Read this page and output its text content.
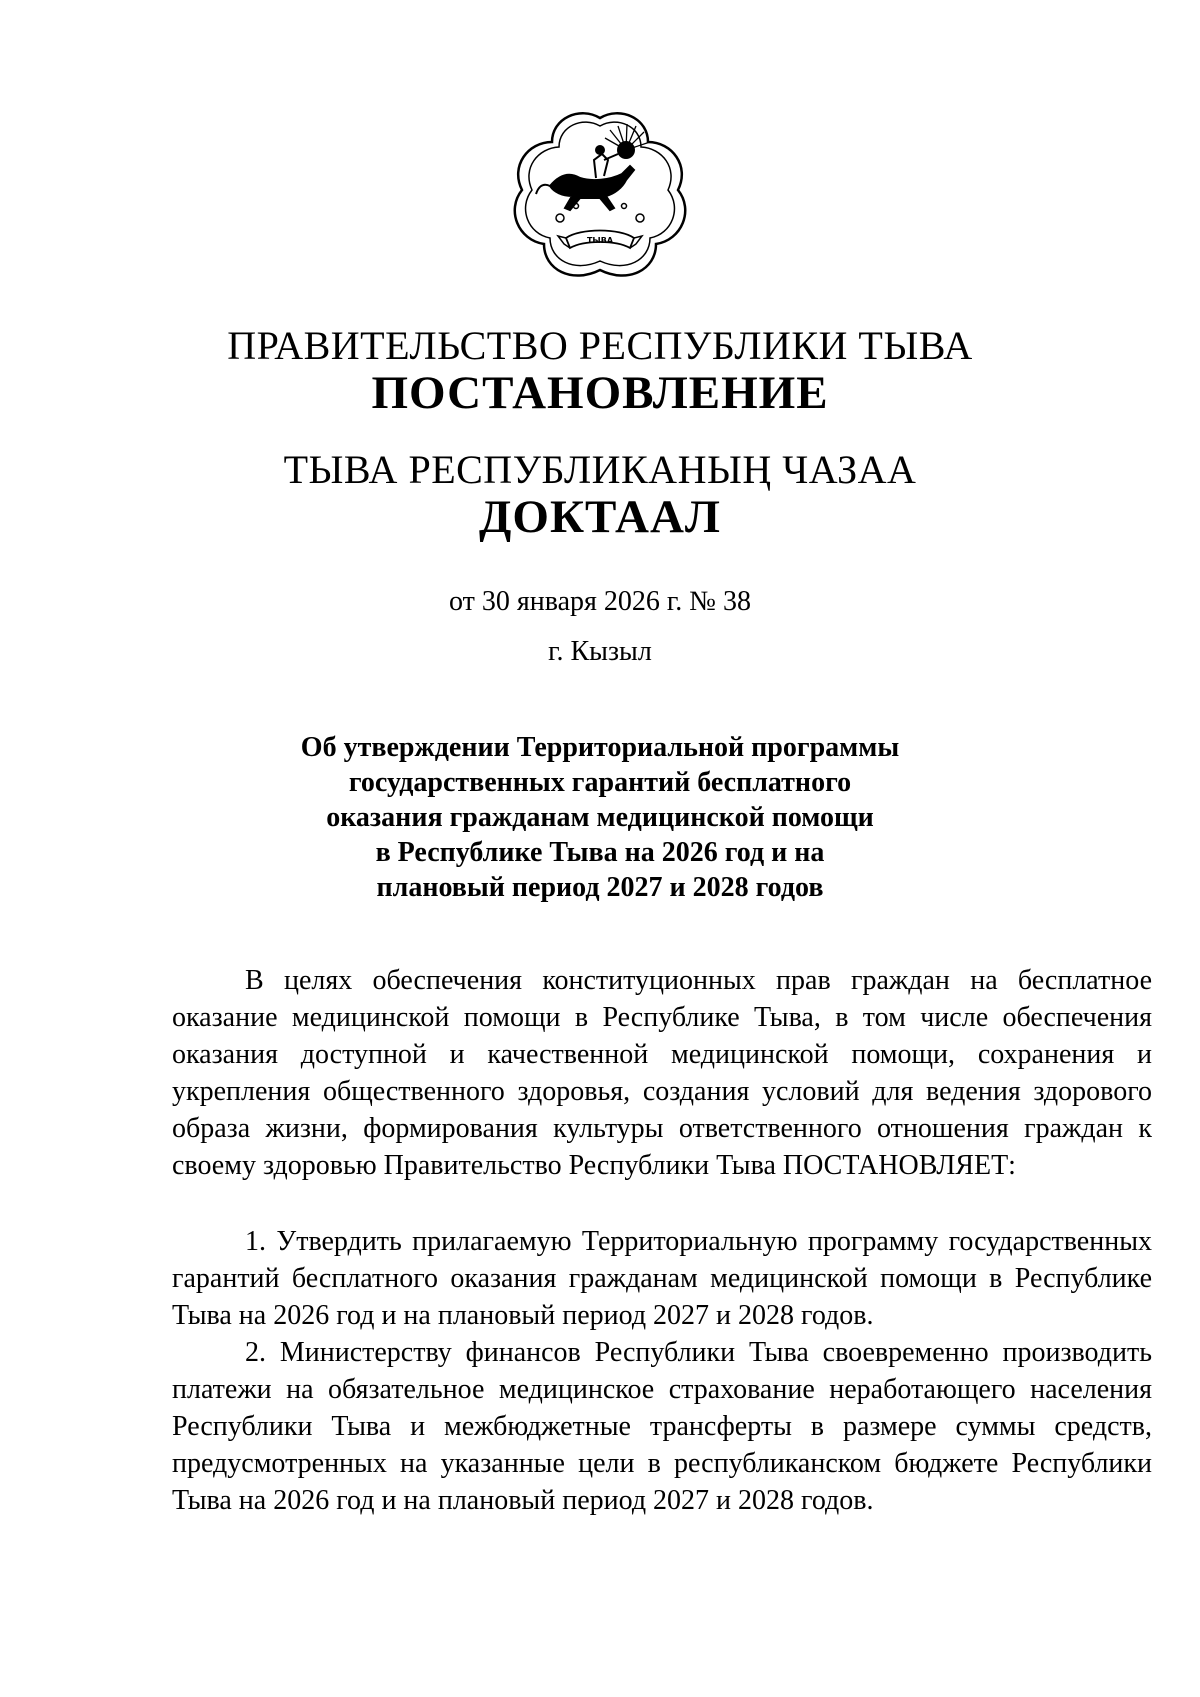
ТЫВА
ПРАВИТЕЛЬСТВО РЕСПУБЛИКИ ТЫВА
ПОСТАНОВЛЕНИЕ
ТЫВА РЕСПУБЛИКАНЫҢ ЧАЗАА
ДОКТААЛ
от 30 января 2026 г. № 38
г. Кызыл
Об утверждении Территориальной программы
государственных гарантий бесплатного
оказания гражданам медицинской помощи
в Республике Тыва на 2026 год и на
плановый период 2027 и 2028 годов

В целях обеспечения конституционных прав граждан на бесплатное оказание медицинской помощи в Республике Тыва, в том числе обеспечения оказания доступной и качественной медицинской помощи, сохранения и укрепления общественного здоровья, создания условий для ведения здорового образа жизни, формирования культуры ответственного отношения граждан к своему здоровью Правительство Республики Тыва ПОСТАНОВЛЯЕТ:

1. Утвердить прилагаемую Территориальную программу государственных гарантий бесплатного оказания гражданам медицинской помощи в Республике Тыва на 2026 год и на плановый период 2027 и 2028 годов.

2. Министерству финансов Республики Тыва своевременно производить платежи на обязательное медицинское страхование неработающего населения Республики Тыва и межбюджетные трансферты в размере суммы средств, предусмотренных на указанные цели в республиканском бюджете Республики Тыва на 2026 год и на плановый период 2027 и 2028 годов.
